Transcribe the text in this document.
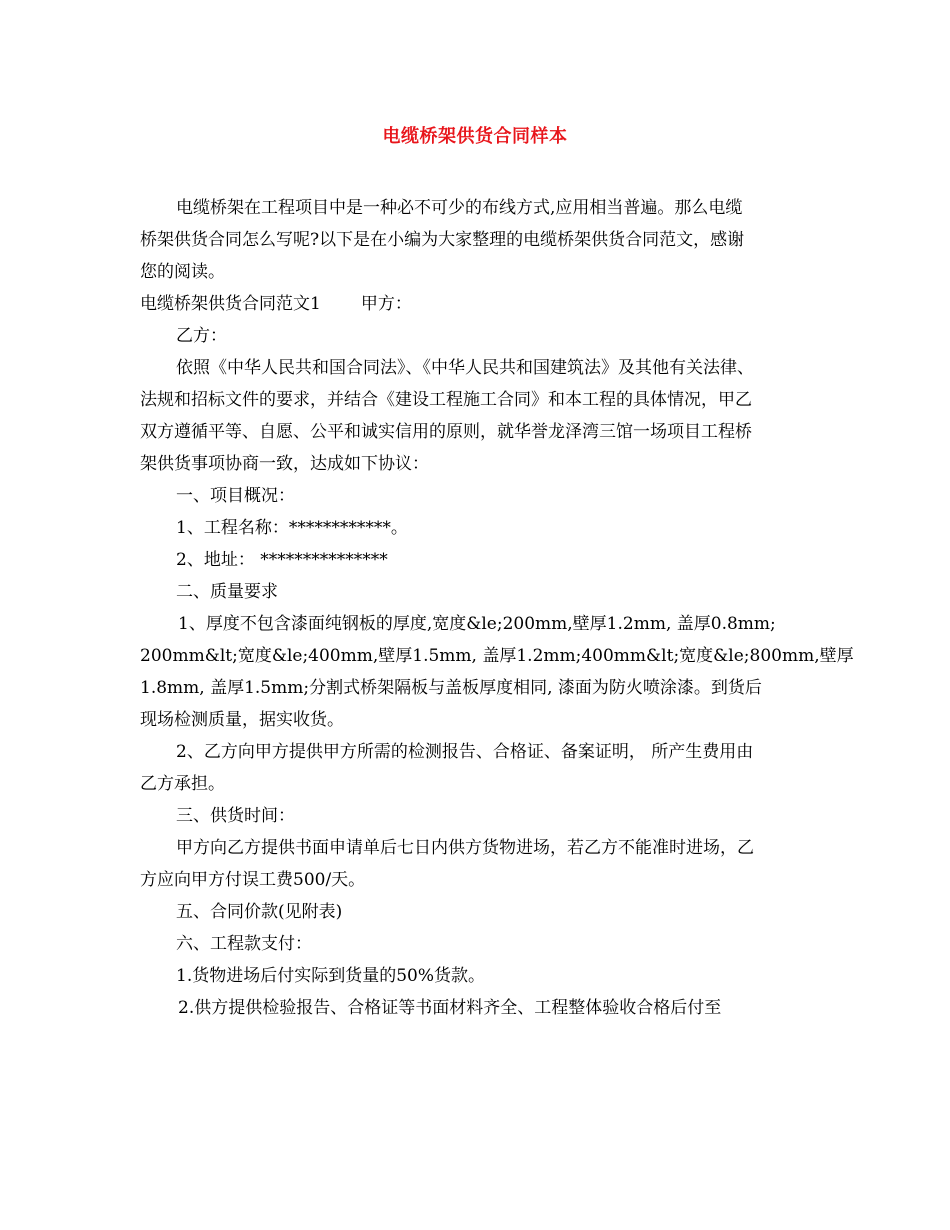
电缆桥架供货合同样本
电缆桥架在工程项目中是一种必不可少的布线方式,应用相当普遍。那么电缆
桥架供货合同怎么写呢?以下是在小编为大家整理的电缆桥架供货合同范文，感谢
您的阅读。
电缆桥架供货合同范文1 甲方：
乙方：
依照《中华人民共和国合同法》、《中华人民共和国建筑法》及其他有关法律、
法规和招标文件的要求，并结合《建设工程施工合同》和本工程的具体情况，甲乙
双方遵循平等、自愿、公平和诚实信用的原则，就华誉龙泽湾三馆一场项目工程桥
架供货事项协商一致，达成如下协议：
一、项目概况：
1、工程名称：************。
2、地址： ***************
二、质量要求
1、厚度不包含漆面纯钢板的厚度,宽度&le;200mm,壁厚1.2mm, 盖厚0.8mm;
200mm&lt;宽度&le;400mm,壁厚1.5mm, 盖厚1.2mm;400mm&lt;宽度&le;800mm,壁厚
1.8mm, 盖厚1.5mm;分割式桥架隔板与盖板厚度相同, 漆面为防火喷涂漆。到货后
现场检测质量，据实收货。
2、乙方向甲方提供甲方所需的检测报告、合格证、备案证明， 所产生费用由
乙方承担。
三、供货时间：
甲方向乙方提供书面申请单后七日内供方货物进场，若乙方不能准时进场，乙
方应向甲方付误工费500/天。
五、合同价款(见附表)
六、工程款支付：
1.货物进场后付实际到货量的50%货款。
2.供方提供检验报告、合格证等书面材料齐全、工程整体验收合格后付至
